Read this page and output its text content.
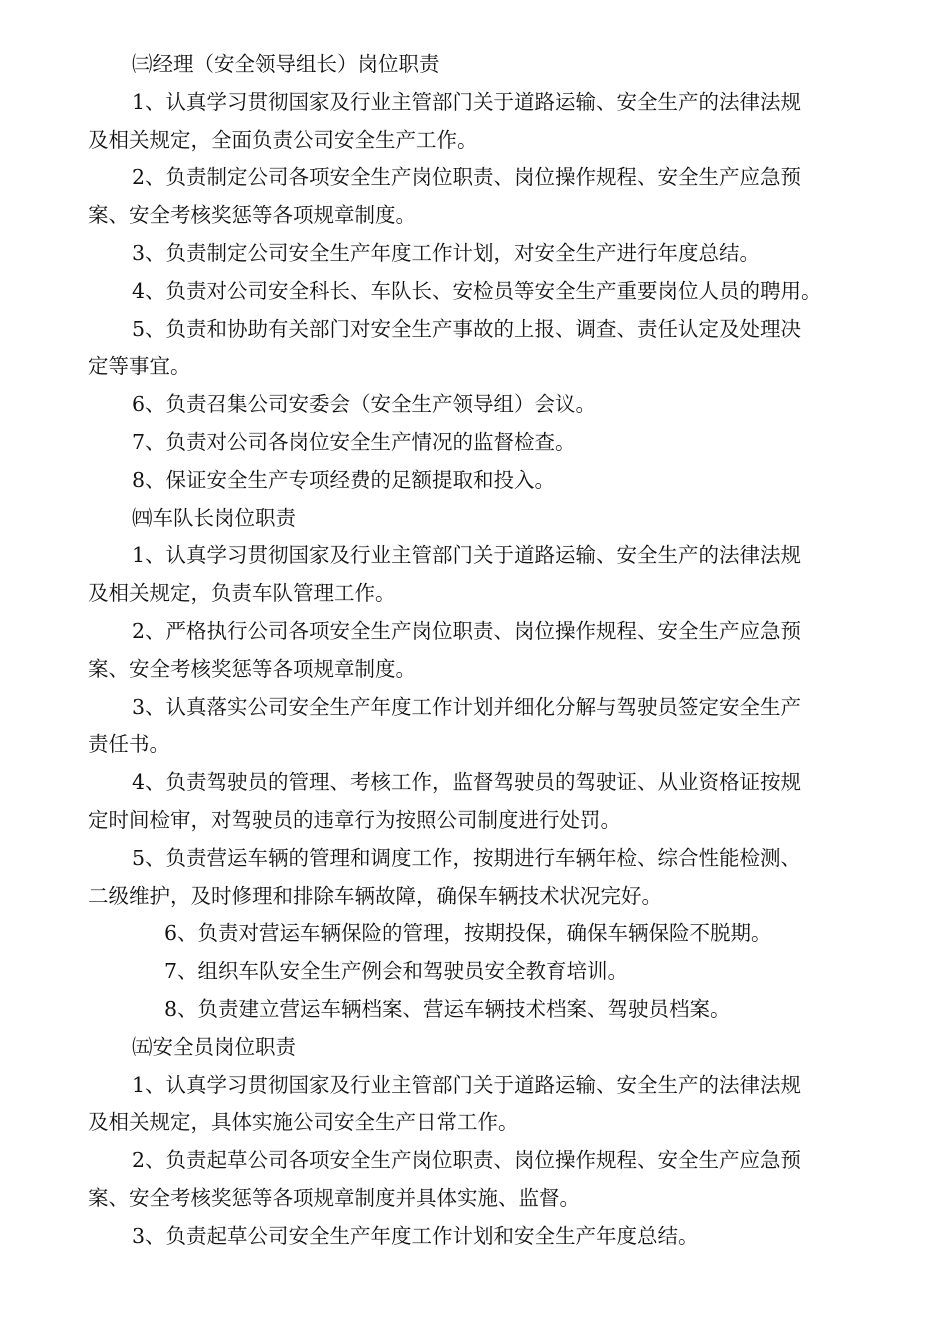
㈢经理（安全领导组长）岗位职责
1、认真学习贯彻国家及行业主管部门关于道路运输、安全生产的法律法规
及相关规定，全面负责公司安全生产工作。
2、负责制定公司各项安全生产岗位职责、岗位操作规程、安全生产应急预
案、安全考核奖惩等各项规章制度。
3、负责制定公司安全生产年度工作计划，对安全生产进行年度总结。
4、负责对公司安全科长、车队长、安检员等安全生产重要岗位人员的聘用。
5、负责和协助有关部门对安全生产事故的上报、调查、责任认定及处理决
定等事宜。
6、负责召集公司安委会（安全生产领导组）会议。
7、负责对公司各岗位安全生产情况的监督检查。
8、保证安全生产专项经费的足额提取和投入。
㈣车队长岗位职责
1、认真学习贯彻国家及行业主管部门关于道路运输、安全生产的法律法规
及相关规定，负责车队管理工作。
2、严格执行公司各项安全生产岗位职责、岗位操作规程、安全生产应急预
案、安全考核奖惩等各项规章制度。
3、认真落实公司安全生产年度工作计划并细化分解与驾驶员签定安全生产
责任书。
4、负责驾驶员的管理、考核工作，监督驾驶员的驾驶证、从业资格证按规
定时间检审，对驾驶员的违章行为按照公司制度进行处罚。
5、负责营运车辆的管理和调度工作，按期进行车辆年检、综合性能检测、
二级维护，及时修理和排除车辆故障，确保车辆技术状况完好。
6、负责对营运车辆保险的管理，按期投保，确保车辆保险不脱期。
7、组织车队安全生产例会和驾驶员安全教育培训。
8、负责建立营运车辆档案、营运车辆技术档案、驾驶员档案。
㈤安全员岗位职责
1、认真学习贯彻国家及行业主管部门关于道路运输、安全生产的法律法规
及相关规定，具体实施公司安全生产日常工作。
2、负责起草公司各项安全生产岗位职责、岗位操作规程、安全生产应急预
案、安全考核奖惩等各项规章制度并具体实施、监督。
3、负责起草公司安全生产年度工作计划和安全生产年度总结。
